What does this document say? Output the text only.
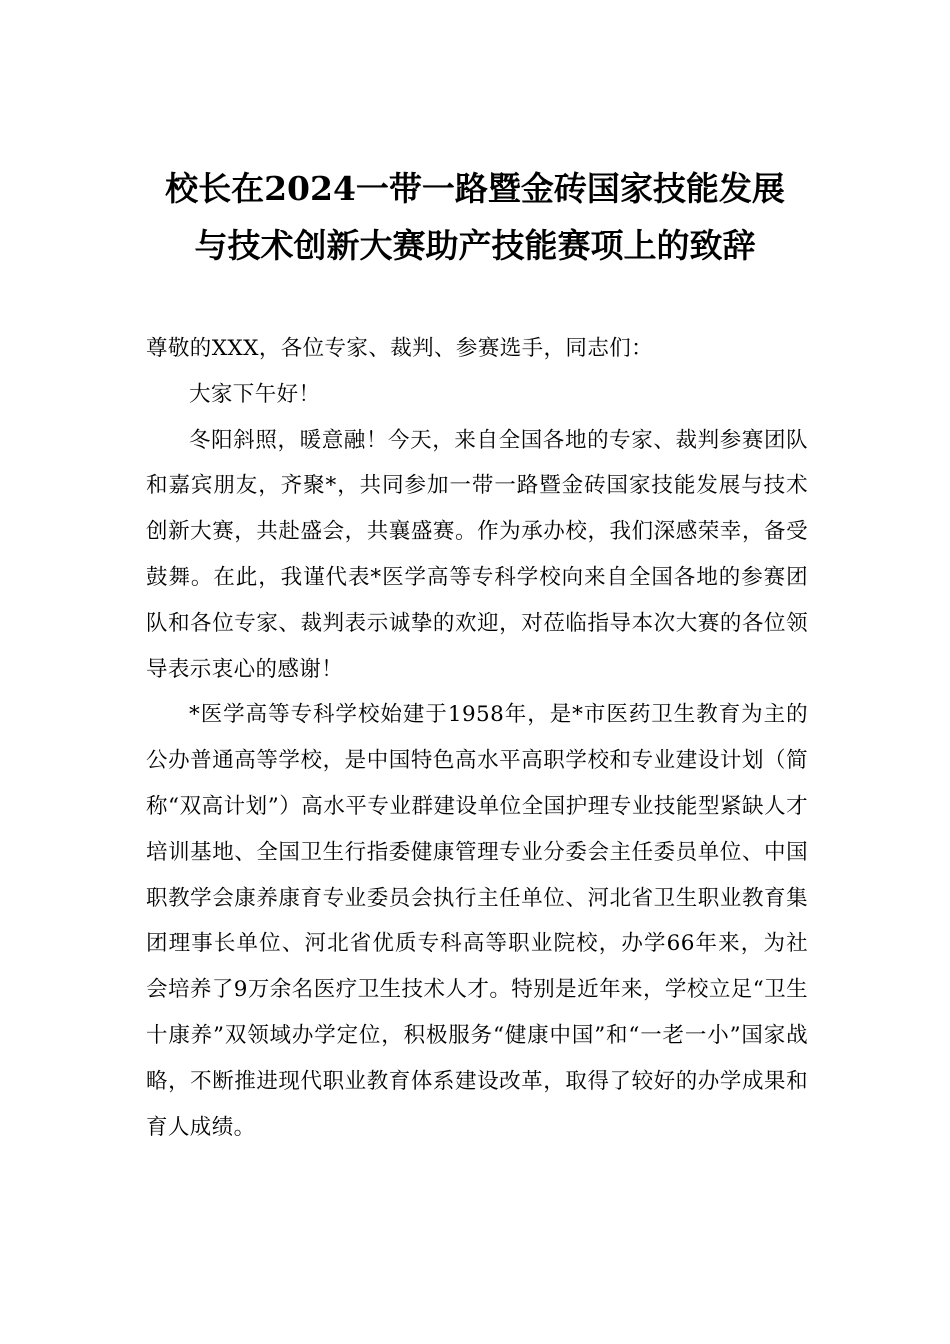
校长在2024一带一路暨金砖国家技能发展
与技术创新大赛助产技能赛项上的致辞

尊敬的XXX，各位专家、裁判、参赛选手，同志们：

大家下午好！

冬阳斜照，暖意融！今天，来自全国各地的专家、裁判参赛团队和嘉宾朋友，齐聚*，共同参加一带一路暨金砖国家技能发展与技术创新大赛，共赴盛会，共襄盛赛。作为承办校，我们深感荣幸，备受鼓舞。在此，我谨代表*医学高等专科学校向来自全国各地的参赛团队和各位专家、裁判表示诚挚的欢迎，对莅临指导本次大赛的各位领导表示衷心的感谢！

*医学高等专科学校始建于1958年，是*市医药卫生教育为主的公办普通高等学校，是中国特色高水平高职学校和专业建设计划（简称“双高计划”）高水平专业群建设单位全国护理专业技能型紧缺人才培训基地、全国卫生行指委健康管理专业分委会主任委员单位、中国职教学会康养康育专业委员会执行主任单位、河北省卫生职业教育集团理事长单位、河北省优质专科高等职业院校，办学66年来，为社会培养了9万余名医疗卫生技术人才。特别是近年来，学校立足“卫生十康养”双领域办学定位，积极服务“健康中国”和“一老一小”国家战略，不断推进现代职业教育体系建设改革，取得了较好的办学成果和育人成绩。
